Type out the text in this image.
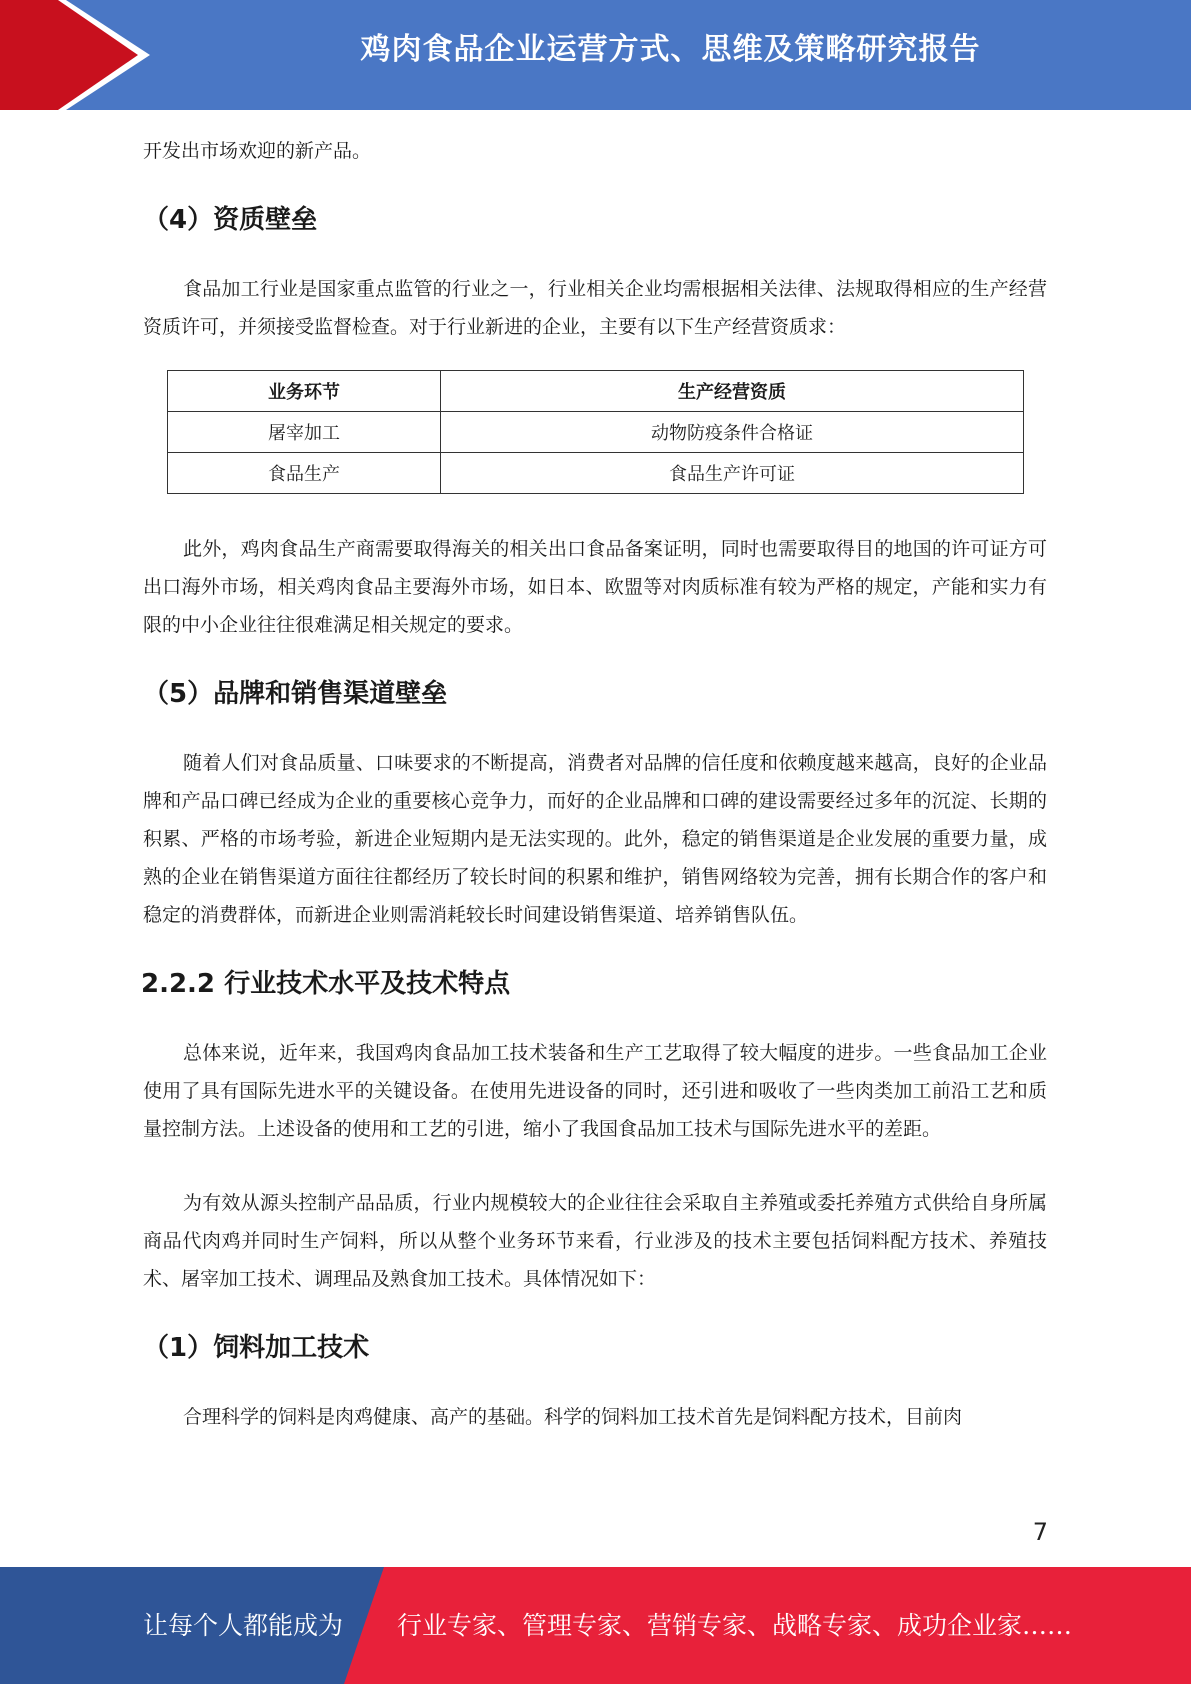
鸡肉食品企业运营方式、思维及策略研究报告

开发出市场欢迎的新产品。

（4）资质壁垒

食品加工行业是国家重点监管的行业之一，行业相关企业均需根据相关法律、法规取得相应的生产经营资质许可，并须接受监督检查。对于行业新进的企业，主要有以下生产经营资质求：

业务环节	生产经营资质
屠宰加工	动物防疫条件合格证
食品生产	食品生产许可证

此外，鸡肉食品生产商需要取得海关的相关出口食品备案证明，同时也需要取得目的地国的许可证方可出口海外市场，相关鸡肉食品主要海外市场，如日本、欧盟等对肉质标准有较为严格的规定，产能和实力有限的中小企业往往很难满足相关规定的要求。

（5）品牌和销售渠道壁垒

随着人们对食品质量、口味要求的不断提高，消费者对品牌的信任度和依赖度越来越高，良好的企业品牌和产品口碑已经成为企业的重要核心竞争力，而好的企业品牌和口碑的建设需要经过多年的沉淀、长期的积累、严格的市场考验，新进企业短期内是无法实现的。此外，稳定的销售渠道是企业发展的重要力量，成熟的企业在销售渠道方面往往都经历了较长时间的积累和维护，销售网络较为完善，拥有长期合作的客户和稳定的消费群体，而新进企业则需消耗较长时间建设销售渠道、培养销售队伍。

2.2.2 行业技术水平及技术特点

总体来说，近年来，我国鸡肉食品加工技术装备和生产工艺取得了较大幅度的进步。一些食品加工企业使用了具有国际先进水平的关键设备。在使用先进设备的同时，还引进和吸收了一些肉类加工前沿工艺和质量控制方法。上述设备的使用和工艺的引进，缩小了我国食品加工技术与国际先进水平的差距。

为有效从源头控制产品品质，行业内规模较大的企业往往会采取自主养殖或委托养殖方式供给自身所属商品代肉鸡并同时生产饲料，所以从整个业务环节来看，行业涉及的技术主要包括饲料配方技术、养殖技术、屠宰加工技术、调理品及熟食加工技术。具体情况如下：

（1）饲料加工技术

合理科学的饲料是肉鸡健康、高产的基础。科学的饲料加工技术首先是饲料配方技术，目前肉

7
让每个人都能成为 行业专家、管理专家、营销专家、战略专家、成功企业家……
